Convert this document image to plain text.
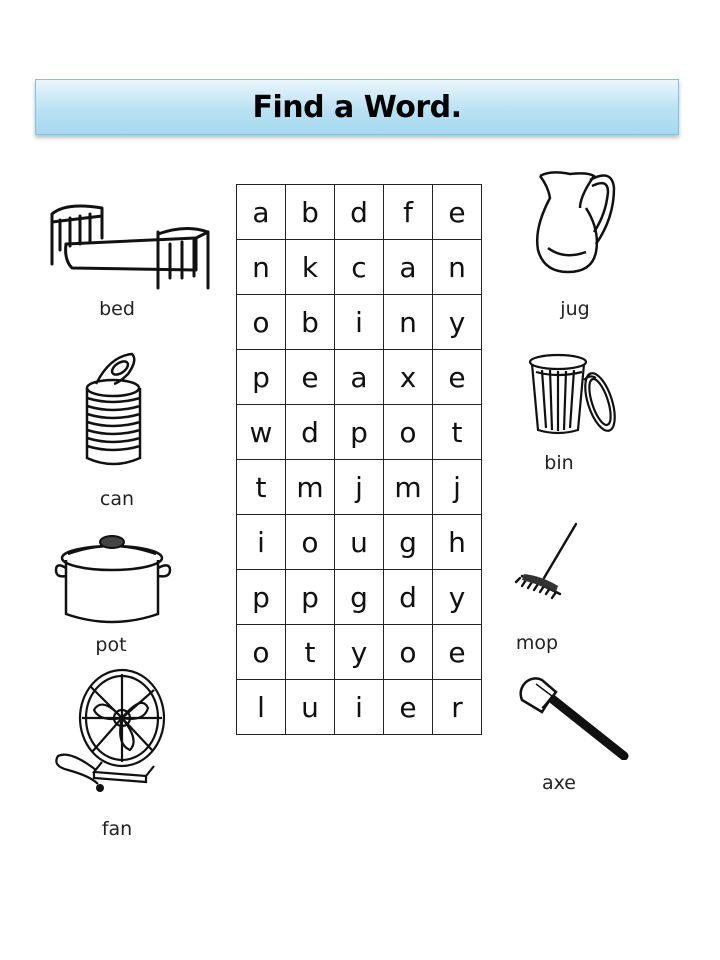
Find a Word.
a	b	d	f	e
n	k	c	a	n
o	b	i	n	y
p	e	a	x	e
w	d	p	o	t
t	m	j	m	j
i	o	u	g	h
p	p	g	d	y
o	t	y	o	e
l	u	i	e	r
bed
can
pot
fan
jug
bin
mop
axe
